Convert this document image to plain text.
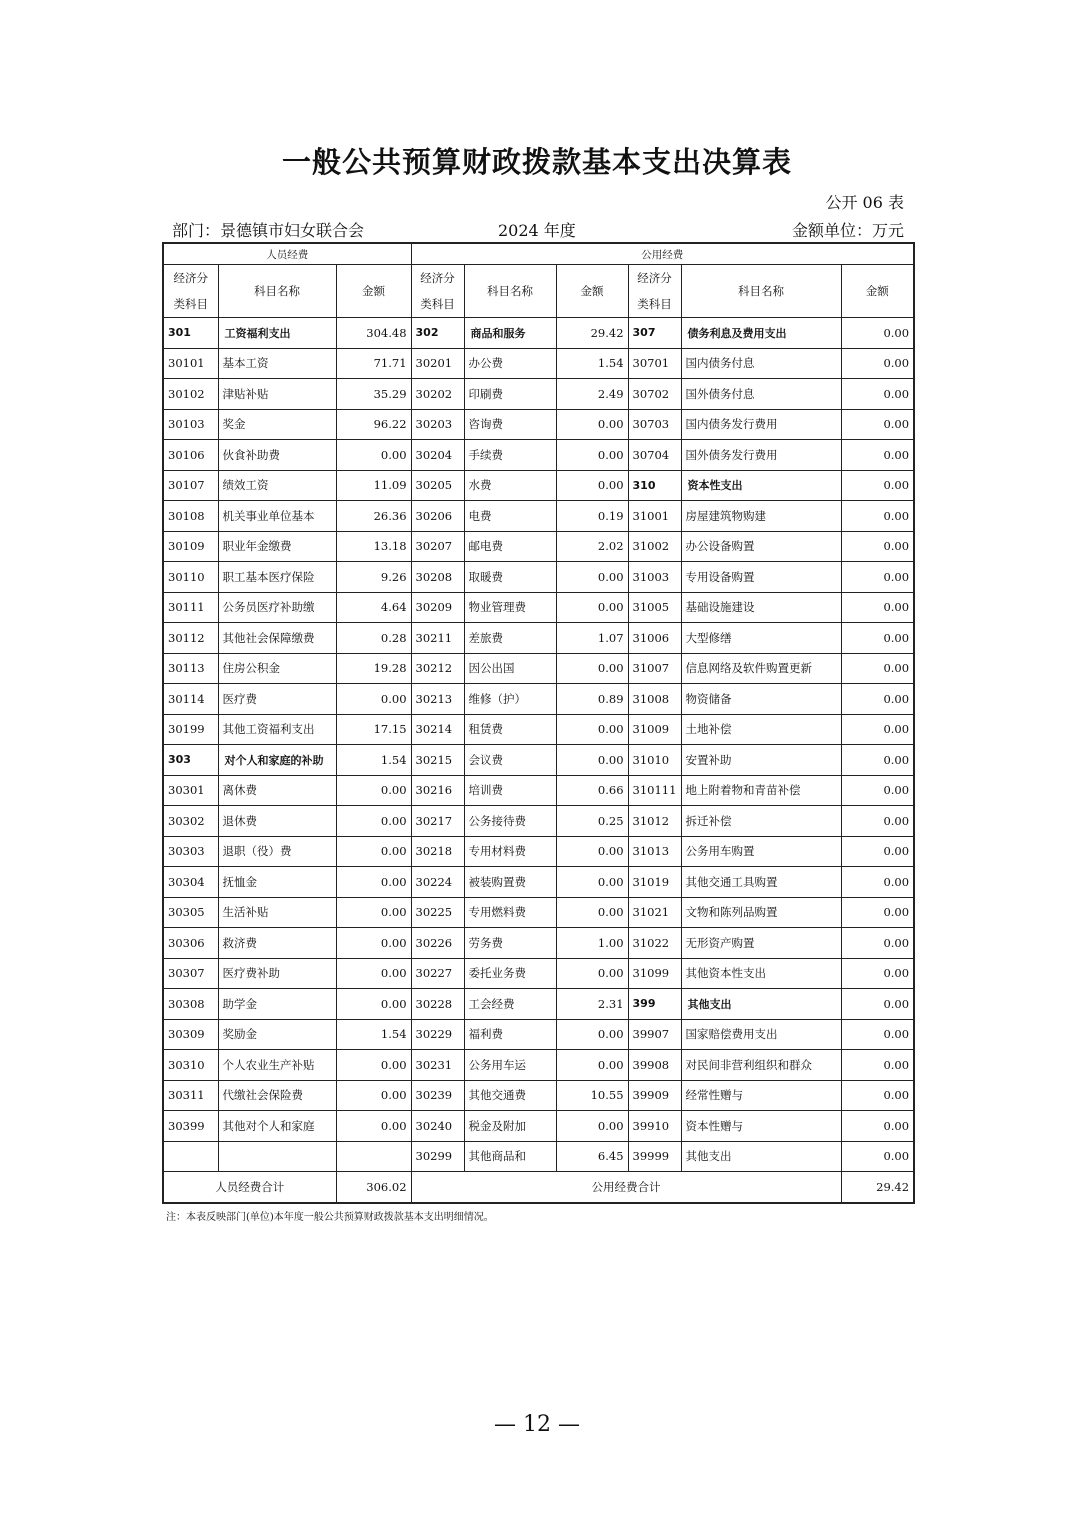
一般公共预算财政拨款基本支出决算表
公开 06 表
部门：景德镇市妇女联合会	2024 年度	金额单位：万元
人员经费			公用经费					
经济分类科目	科目名称	金额	经济分类科目	科目名称	金额	经济分类科目	科目名称	金额
301	工资福利支出	304.48	302	商品和服务	29.42	307	债务利息及费用支出	0.00
30101	基本工资	71.71	30201	办公费	1.54	30701	国内债务付息	0.00
30102	津贴补贴	35.29	30202	印刷费	2.49	30702	国外债务付息	0.00
30103	奖金	96.22	30203	咨询费	0.00	30703	国内债务发行费用	0.00
30106	伙食补助费	0.00	30204	手续费	0.00	30704	国外债务发行费用	0.00
30107	绩效工资	11.09	30205	水费	0.00	310	资本性支出	0.00
30108	机关事业单位基本	26.36	30206	电费	0.19	31001	房屋建筑物购建	0.00
30109	职业年金缴费	13.18	30207	邮电费	2.02	31002	办公设备购置	0.00
30110	职工基本医疗保险	9.26	30208	取暖费	0.00	31003	专用设备购置	0.00
30111	公务员医疗补助缴	4.64	30209	物业管理费	0.00	31005	基础设施建设	0.00
30112	其他社会保障缴费	0.28	30211	差旅费	1.07	31006	大型修缮	0.00
30113	住房公积金	19.28	30212	因公出国	0.00	31007	信息网络及软件购置更新	0.00
30114	医疗费	0.00	30213	维修（护）	0.89	31008	物资储备	0.00
30199	其他工资福利支出	17.15	30214	租赁费	0.00	31009	土地补偿	0.00
303	对个人和家庭的补助	1.54	30215	会议费	0.00	31010	安置补助	0.00
30301	离休费	0.00	30216	培训费	0.66	310111	地上附着物和青苗补偿	0.00
30302	退休费	0.00	30217	公务接待费	0.25	31012	拆迁补偿	0.00
30303	退职（役）费	0.00	30218	专用材料费	0.00	31013	公务用车购置	0.00
30304	抚恤金	0.00	30224	被装购置费	0.00	31019	其他交通工具购置	0.00
30305	生活补贴	0.00	30225	专用燃料费	0.00	31021	文物和陈列品购置	0.00
30306	救济费	0.00	30226	劳务费	1.00	31022	无形资产购置	0.00
30307	医疗费补助	0.00	30227	委托业务费	0.00	31099	其他资本性支出	0.00
30308	助学金	0.00	30228	工会经费	2.31	399	其他支出	0.00
30309	奖励金	1.54	30229	福利费	0.00	39907	国家赔偿费用支出	0.00
30310	个人农业生产补贴	0.00	30231	公务用车运	0.00	39908	对民间非营利组织和群众	0.00
30311	代缴社会保险费	0.00	30239	其他交通费	10.55	39909	经常性赠与	0.00
30399	其他对个人和家庭	0.00	30240	税金及附加	0.00	39910	资本性赠与	0.00
			30299	其他商品和	6.45	39999	其他支出	0.00
人员经费合计		306.02	公用经费合计					29.42
注：本表反映部门(单位)本年度一般公共预算财政拨款基本支出明细情况。
— 12 —
